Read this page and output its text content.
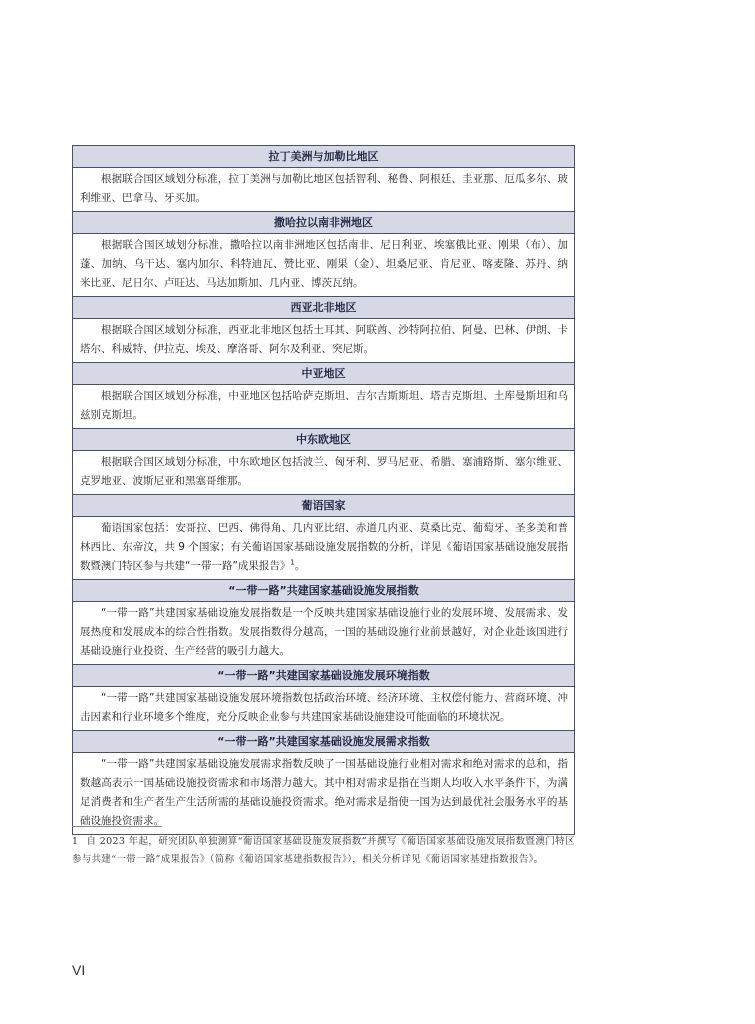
拉丁美洲与加勒比地区

根据联合国区域划分标准，拉丁美洲与加勒比地区包括智利、秘鲁、阿根廷、圭亚那、厄瓜多尔、玻利维亚、巴拿马、牙买加。

撒哈拉以南非洲地区

根据联合国区域划分标准，撒哈拉以南非洲地区包括南非、尼日利亚、埃塞俄比亚、刚果（布）、加蓬、加纳、乌干达、塞内加尔、科特迪瓦、赞比亚、刚果（金）、坦桑尼亚、肯尼亚、喀麦隆、苏丹、纳米比亚、尼日尔、卢旺达、马达加斯加、几内亚、博茨瓦纳。

西亚北非地区

根据联合国区域划分标准，西亚北非地区包括土耳其、阿联酋、沙特阿拉伯、阿曼、巴林、伊朗、卡塔尔、科威特、伊拉克、埃及、摩洛哥、阿尔及利亚、突尼斯。

中亚地区

根据联合国区域划分标准，中亚地区包括哈萨克斯坦、吉尔吉斯斯坦、塔吉克斯坦、土库曼斯坦和乌兹别克斯坦。

中东欧地区

根据联合国区域划分标准，中东欧地区包括波兰、匈牙利、罗马尼亚、希腊、塞浦路斯、塞尔维亚、克罗地亚、波斯尼亚和黑塞哥维那。

葡语国家

葡语国家包括：安哥拉、巴西、佛得角、几内亚比绍、赤道几内亚、莫桑比克、葡萄牙、圣多美和普林西比、东帝汶，共 9 个国家；有关葡语国家基础设施发展指数的分析，详见《葡语国家基础设施发展指数暨澳门特区参与共建“一带一路”成果报告》$^1$。

“一带一路”共建国家基础设施发展指数

“一带一路”共建国家基础设施发展指数是一个反映共建国家基础设施行业的发展环境、发展需求、发展热度和发展成本的综合性指数。发展指数得分越高，一国的基础设施行业前景越好，对企业赴该国进行基础设施行业投资、生产经营的吸引力越大。

“一带一路”共建国家基础设施发展环境指数

“一带一路”共建国家基础设施发展环境指数包括政治环境、经济环境、主权偿付能力、营商环境、冲击因素和行业环境多个维度，充分反映企业参与共建国家基础设施建设可能面临的环境状况。

“一带一路”共建国家基础设施发展需求指数

“一带一路”共建国家基础设施发展需求指数反映了一国基础设施行业相对需求和绝对需求的总和，指数越高表示一国基础设施投资需求和市场潜力越大。其中相对需求是指在当期人均收入水平条件下，为满足消费者和生产者生产生活所需的基础设施投资需求。绝对需求是指使一国为达到最优社会服务水平的基础设施投资需求。

1 自 2023 年起，研究团队单独测算“葡语国家基础设施发展指数”并撰写《葡语国家基础设施发展指数暨澳门特区参与共建“一带一路”成果报告》（简称《葡语国家基建指数报告》），相关分析详见《葡语国家基建指数报告》。
VI
